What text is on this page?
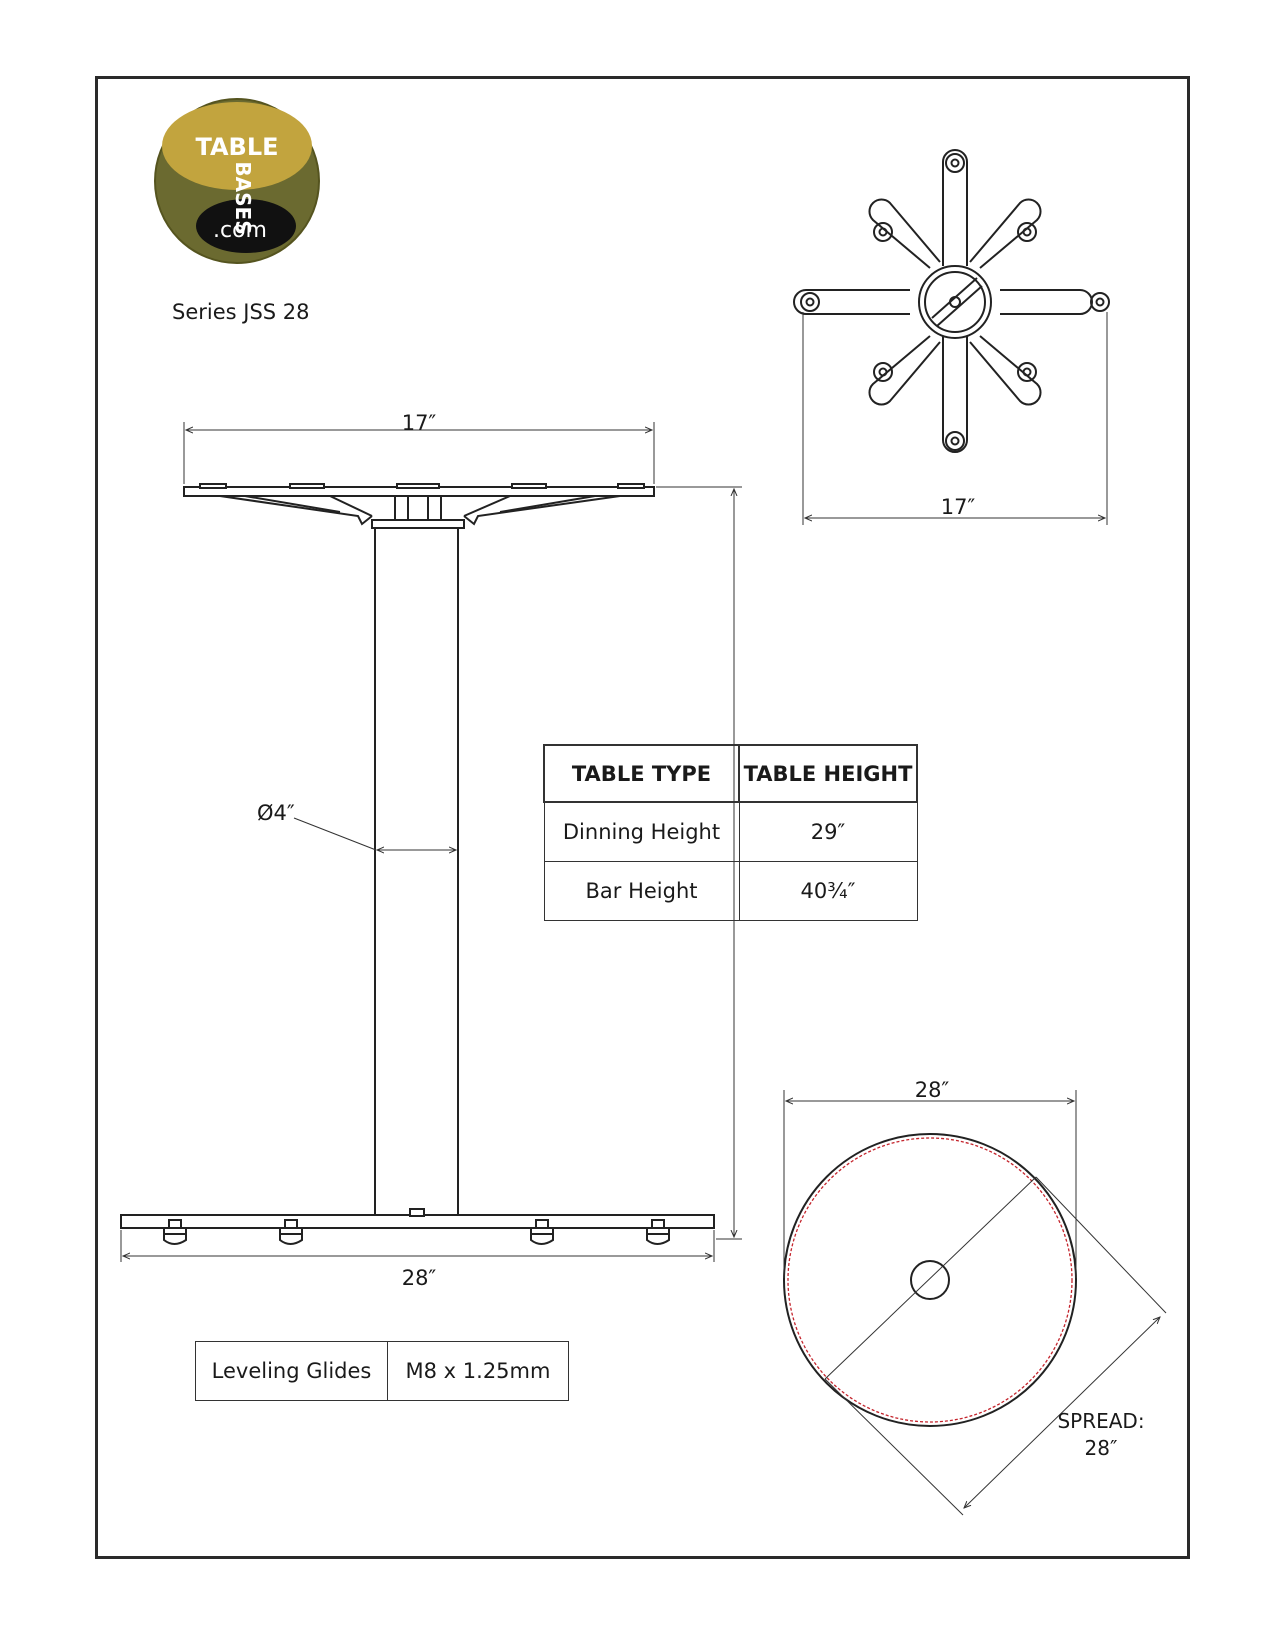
TABLE
BASES
.com
Series JSS 28
17″
17″
Ø4″
28″
28″
SPREAD:
28″
TABLE TYPE	TABLE HEIGHT
Dinning Height	29″
Bar Height	40¾″
Leveling Glides	M8 x 1.25mm
